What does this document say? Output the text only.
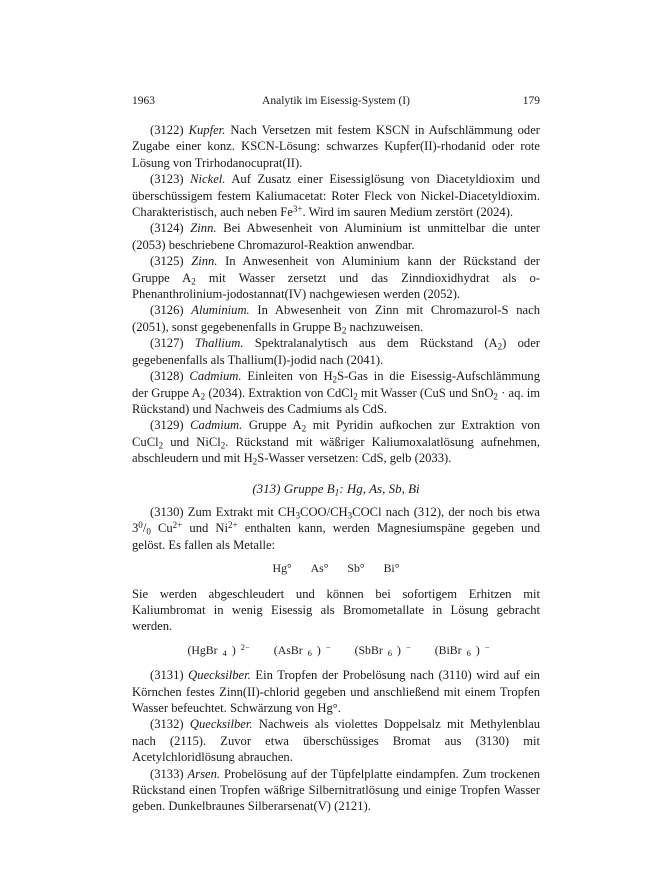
1963	Analytik im Eisessig-System (I)	179

(3122) Kupfer. Nach Versetzen mit festem KSCN in Aufschlämmung oder Zugabe einer konz. KSCN-Lösung: schwarzes Kupfer(II)-rhodanid oder rote Lösung von Trirhodanocuprat(II).

(3123) Nickel. Auf Zusatz einer Eisessiglösung von Diacetyldioxim und überschüssigem festem Kaliumacetat: Roter Fleck von Nickel-Diacetyldioxim. Charakteristisch, auch neben $Fe^{3+}$. Wird im sauren Medium zerstört (2024).

(3124) Zinn. Bei Abwesenheit von Aluminium ist unmittelbar die unter (2053) beschriebene Chromazurol-Reaktion anwendbar.

(3125) Zinn. In Anwesenheit von Aluminium kann der Rückstand der Gruppe $A_2$ mit Wasser zersetzt und das Zinndioxidhydrat als o-Phenanthrolinium-jodostannat(IV) nachgewiesen werden (2052).

(3126) Aluminium. In Abwesenheit von Zinn mit Chromazurol-S nach (2051), sonst gegebenenfalls in Gruppe $B_2$ nachzuweisen.

(3127) Thallium. Spektralanalytisch aus dem Rückstand $(A_2)$ oder gegebenenfalls als Thallium(I)-jodid nach (2041).

(3128) Cadmium. Einleiten von $H_2S$-Gas in die Eisessig-Aufschlämmung der Gruppe $A_2$ (2034). Extraktion von CdCl$_2$ mit Wasser (CuS und SnO$_2$ · aq. im Rückstand) und Nachweis des Cadmiums als CdS.

(3129) Cadmium. Gruppe $A_2$ mit Pyridin aufkochen zur Extraktion von CuCl$_2$ und NiCl$_2$. Rückstand mit wäßriger Kaliumoxalatlösung aufnehmen, abschleudern und mit $H_2S$-Wasser versetzen: CdS, gelb (2033).

(313) Gruppe $B_1$: Hg, As, Sb, Bi

(3130) Zum Extrakt mit $CH_3COO/CH_3COCl$ nach (312), der noch bis etwa $3^0/_0$ $Cu^{2+}$ und $Ni^{2+}$ enthalten kann, werden Magnesiumspäne gegeben und gelöst. Es fallen als Metalle:

Hg° As° Sb° Bi°

Sie werden abgeschleudert und können bei sofortigem Erhitzen mit Kaliumbromat in wenig Eisessig als Bromometallate in Lösung gebracht werden.

(HgBr $_4$ ) $^{2-}$ (AsBr $_6$ ) − (SbBr $_6$ ) − (BiBr $_6$ ) −

(3131) Quecksilber. Ein Tropfen der Probelösung nach (3110) wird auf ein Körnchen festes Zinn(II)-chlorid gegeben und anschließend mit einem Tropfen Wasser befeuchtet. Schwärzung von Hg°.

(3132) Quecksilber. Nachweis als violettes Doppelsalz mit Methylenblau nach (2115). Zuvor etwa überschüssiges Bromat aus (3130) mit Acetylchloridlösung abrauchen.

(3133) Arsen. Probelösung auf der Tüpfelplatte eindampfen. Zum trockenen Rückstand einen Tropfen wäßrige Silbernitratlösung und einige Tropfen Wasser geben. Dunkelbraunes Silberarsenat(V) (2121).
